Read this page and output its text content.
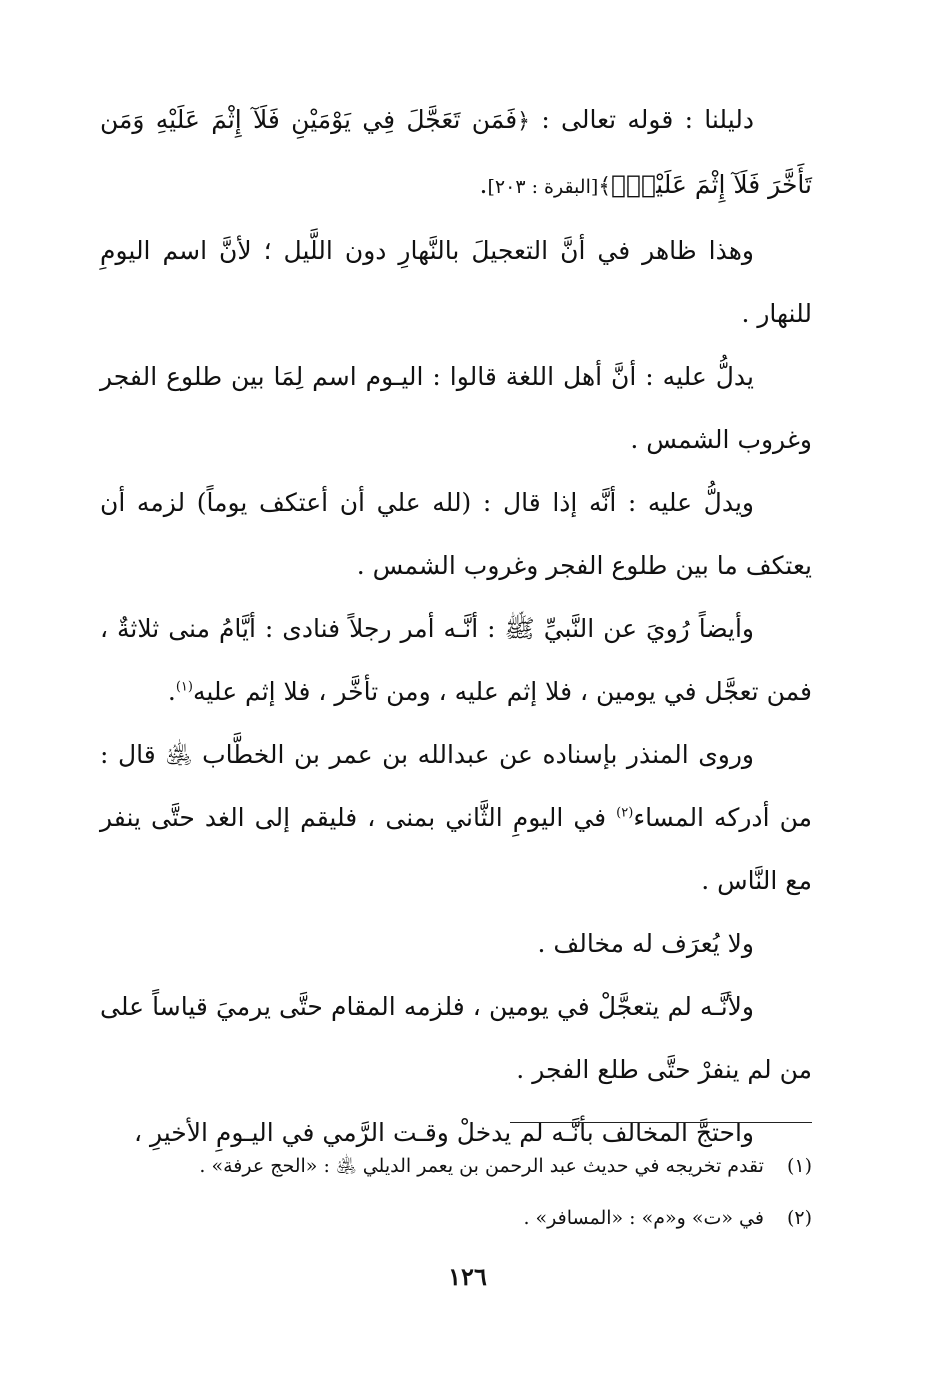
دليلنا : قوله تعالى : ﴿فَمَن تَعَجَّلَ فِي يَوْمَيْنِ فَلَآ إِثْمَ عَلَيْهِ وَمَن تَأَخَّرَ فَلَآ إِثْمَ عَلَيْهِۚ﴾[البقرة : ٢٠٣].

وهذا ظاهر في أنَّ التعجيلَ بالنَّهارِ دون اللَّيل ؛ لأنَّ اسم اليومِ للنهار .

يدلُّ عليه : أنَّ أهل اللغة قالوا : اليـوم اسم لِمَا بين طلوع الفجر وغروب الشمس .

ويدلُّ عليه : أنَّه إذا قال : (لله علي أن أعتكف يوماً) لزمه أن يعتكف ما بين طلوع الفجر وغروب الشمس .

وأيضاً رُويَ عن النَّبيِّ ﷺ : أنَّـه أمر رجلاً فنادى : أيَّامُ منى ثلاثةٌ ، فمن تعجَّل في يومين ، فلا إثم عليه ، ومن تأخَّر ، فلا إثم عليه$^{(١)}$.

وروى المنذر بإسناده عن عبدالله بن عمر بن الخطَّاب ﵁ قال : من أدركه المساء$^{(٢)}$ في اليومِ الثَّاني بمنى ، فليقم إلى الغد حتَّى ينفر مع النَّاس .

ولا يُعرَف له مخالف .

ولأنَّـه لم يتعجَّلْ في يومين ، فلزمه المقام حتَّى يرميَ قياساً على من لم ينفرْ حتَّى طلع الفجر .

واحتجَّ المخالف بأنَّـه لم يدخلْ وقـت الرَّمي في اليـومِ الأخيرِ ،

(١) تقدم تخريجه في حديث عبد الرحمن بن يعمر الديلي ﵁ : «الحج عرفة» .

(٢) في «ت» و«م» : «المسافر» .

١٢٦
